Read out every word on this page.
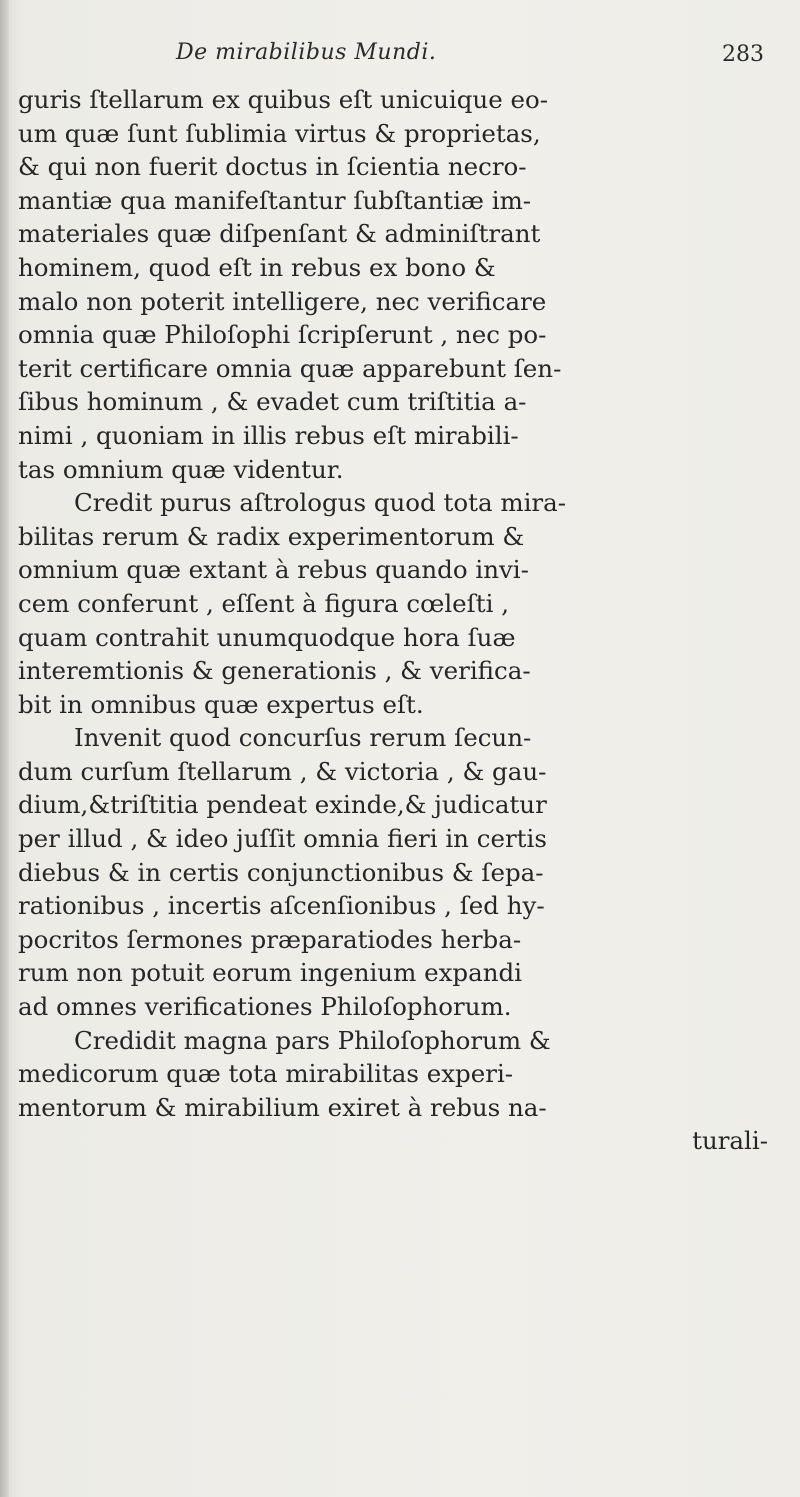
De mirabilibus Mundi.	283
guris ſtellarum ex quibus eſt unicuique eo-
um quæ ſunt ſublimia virtus & proprietas,
& qui non fuerit doctus in ſcientia necro-
mantiæ qua manifeſtantur ſubſtantiæ im-
materiales quæ diſpenſant & adminiſtrant
hominem, quod eſt in rebus ex bono &
malo non poterit intelligere, nec verificare
omnia quæ Philoſophi ſcripſerunt , nec po-
terit certificare omnia quæ apparebunt ſen-
ſibus hominum , & evadet cum triſtitia a-
nimi , quoniam in illis rebus eſt mirabili-
tas omnium quæ videntur.
Credit purus aſtrologus quod tota mira-
bilitas rerum & radix experimentorum &
omnium quæ extant à rebus quando invi-
cem conferunt , eſſent à figura cœleſti ,
quam contrahit unumquodque hora ſuæ
interemtionis & generationis , & verifica-
bit in omnibus quæ expertus eſt.
Invenit quod concurſus rerum ſecun-
dum curſum ſtellarum , & victoria , & gau-
dium,&triſtitia pendeat exinde,& judicatur
per illud , & ideo juſſit omnia fieri in certis
diebus & in certis conjunctionibus & ſepa-
rationibus , incertis aſcenſionibus , ſed hy-
pocritos ſermones præparatiodes herba-
rum non potuit eorum ingenium expandi
ad omnes verificationes Philoſophorum.
Credidit magna pars Philoſophorum &
medicorum quæ tota mirabilitas experi-
mentorum & mirabilium exiret à rebus na-
turali-
